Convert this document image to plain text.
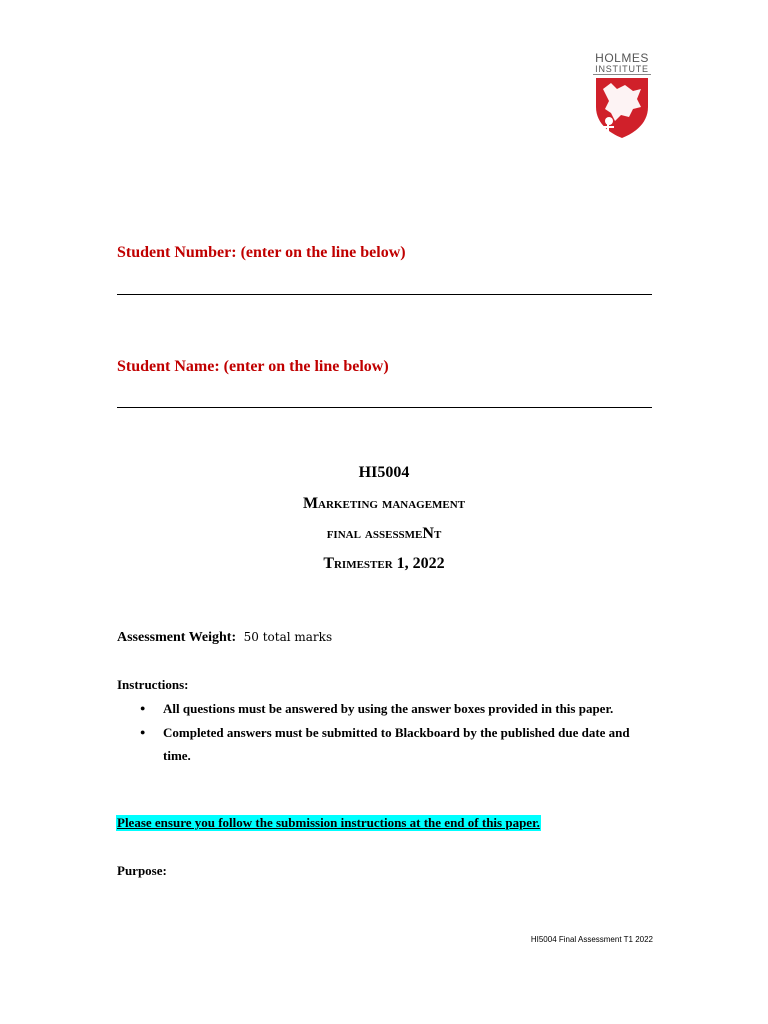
HOLMES
INSTITUTE
Student Number: (enter on the line below)
Student Name: (enter on the line below)
HI5004
Marketing management
final assessmeNt
Trimester 1, 2022
Assessment Weight: 50 total marks
Instructions:
● All questions must be answered by using the answer boxes provided in this paper.
● Completed answers must be submitted to Blackboard by the published due date and time.
Please ensure you follow the submission instructions at the end of this paper.
Purpose:
HI5004 Final Assessment T1 2022
